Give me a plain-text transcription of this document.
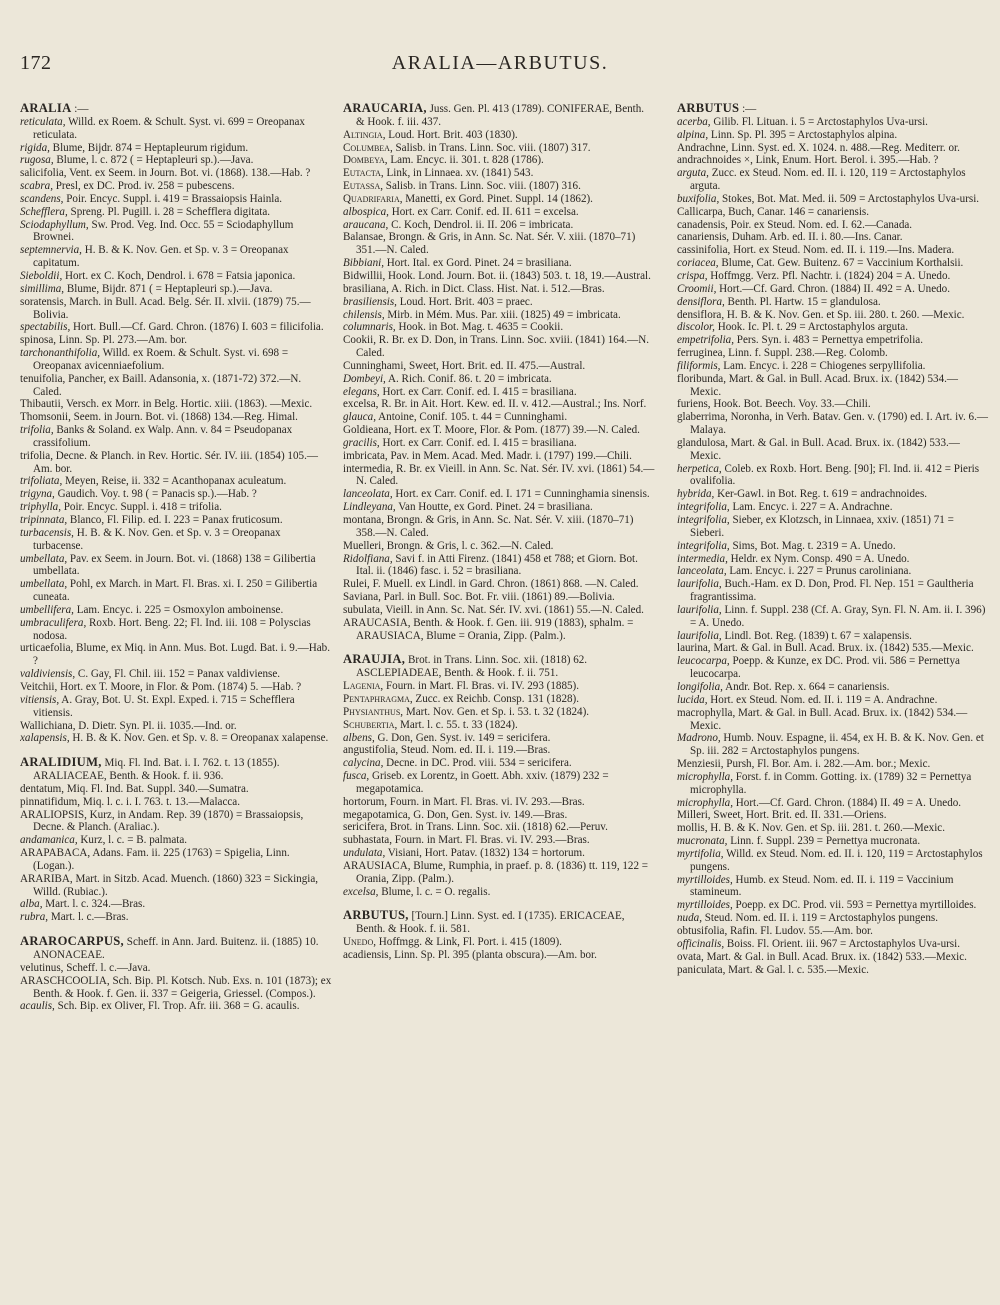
172	ARALIA—ARBUTUS.

ARALIA :—

reticulata, Willd. ex Roem. & Schult. Syst. vi. 699 = Oreopanax reticulata.

rigida, Blume, Bijdr. 874 = Heptapleurum rigidum.

rugosa, Blume, l. c. 872 ( = Heptapleuri sp.).—Java.

salicifolia, Vent. ex Seem. in Journ. Bot. vi. (1868). 138.—Hab. ?

scabra, Presl, ex DC. Prod. iv. 258 = pubescens.

scandens, Poir. Encyc. Suppl. i. 419 = Brassaiopsis Hainla.

Schefflera, Spreng. Pl. Pugill. i. 28 = Schefflera digitata.

Sciodaphyllum, Sw. Prod. Veg. Ind. Occ. 55 = Sciodaphyllum Brownei.

septemnervia, H. B. & K. Nov. Gen. et Sp. v. 3 = Oreopanax capitatum.

Sieboldii, Hort. ex C. Koch, Dendrol. i. 678 = Fatsia japonica.

simillima, Blume, Bijdr. 871 ( = Heptapleuri sp.).—Java.

soratensis, March. in Bull. Acad. Belg. Sér. II. xlvii. (1879) 75.—Bolivia.

spectabilis, Hort. Bull.—Cf. Gard. Chron. (1876) I. 603 = filicifolia.

spinosa, Linn. Sp. Pl. 273.—Am. bor.

tarchonanthifolia, Willd. ex Roem. & Schult. Syst. vi. 698 = Oreopanax avicenniaefolium.

tenuifolia, Pancher, ex Baill. Adansonia, x. (1871-72) 372.—N. Caled.

Thibautii, Versch. ex Morr. in Belg. Hortic. xiii. (1863). —Mexic.

Thomsonii, Seem. in Journ. Bot. vi. (1868) 134.—Reg. Himal.

trifolia, Banks & Soland. ex Walp. Ann. v. 84 = Pseudopanax crassifolium.

trifolia, Decne. & Planch. in Rev. Hortic. Sér. IV. iii. (1854) 105.—Am. bor.

trifoliata, Meyen, Reise, ii. 332 = Acanthopanax aculeatum.

trigyna, Gaudich. Voy. t. 98 ( = Panacis sp.).—Hab. ?

triphylla, Poir. Encyc. Suppl. i. 418 = trifolia.

tripinnata, Blanco, Fl. Filip. ed. I. 223 = Panax fruticosum.

turbacensis, H. B. & K. Nov. Gen. et Sp. v. 3 = Oreopanax turbacense.

umbellata, Pav. ex Seem. in Journ. Bot. vi. (1868) 138 = Gilibertia umbellata.

umbellata, Pohl, ex March. in Mart. Fl. Bras. xi. I. 250 = Gilibertia cuneata.

umbellifera, Lam. Encyc. i. 225 = Osmoxylon amboinense.

umbraculifera, Roxb. Hort. Beng. 22; Fl. Ind. iii. 108 = Polyscias nodosa.

urticaefolia, Blume, ex Miq. in Ann. Mus. Bot. Lugd. Bat. i. 9.—Hab. ?

valdiviensis, C. Gay, Fl. Chil. iii. 152 = Panax valdiviense.

Veitchii, Hort. ex T. Moore, in Flor. & Pom. (1874) 5. —Hab. ?

vitiensis, A. Gray, Bot. U. St. Expl. Exped. i. 715 = Schefflera vitiensis.

Wallichiana, D. Dietr. Syn. Pl. ii. 1035.—Ind. or.

xalapensis, H. B. & K. Nov. Gen. et Sp. v. 8. = Oreopanax xalapense.

ARALIDIUM, Miq. Fl. Ind. Bat. i. I. 762. t. 13 (1855). ARALIACEAE, Benth. & Hook. f. ii. 936.

dentatum, Miq. Fl. Ind. Bat. Suppl. 340.—Sumatra.

pinnatifidum, Miq. l. c. i. I. 763. t. 13.—Malacca.

ARALIOPSIS, Kurz, in Andam. Rep. 39 (1870) = Brassaiopsis, Decne. & Planch. (Araliac.).

andamanica, Kurz, l. c. = B. palmata.

ARAPABACA, Adans. Fam. ii. 225 (1763) = Spigelia, Linn. (Logan.).

ARARIBA, Mart. in Sitzb. Acad. Muench. (1860) 323 = Sickingia, Willd. (Rubiac.).

alba, Mart. l. c. 324.—Bras.

rubra, Mart. l. c.—Bras.

ARAROCARPUS, Scheff. in Ann. Jard. Buitenz. ii. (1885) 10. ANONACEAE.

velutinus, Scheff. l. c.—Java.

ARASCHCOOLIA, Sch. Bip. Pl. Kotsch. Nub. Exs. n. 101 (1873); ex Benth. & Hook. f. Gen. ii. 337 = Geigeria, Griessel. (Compos.).

acaulis, Sch. Bip. ex Oliver, Fl. Trop. Afr. iii. 368 = G. acaulis.

ARAUCARIA, Juss. Gen. Pl. 413 (1789). CONIFERAE, Benth. & Hook. f. iii. 437.

Altingia, Loud. Hort. Brit. 403 (1830).

Columbea, Salisb. in Trans. Linn. Soc. viii. (1807) 317.

Dombeya, Lam. Encyc. ii. 301. t. 828 (1786).

Eutacta, Link, in Linnaea. xv. (1841) 543.

Eutassa, Salisb. in Trans. Linn. Soc. viii. (1807) 316.

Quadrifaria, Manetti, ex Gord. Pinet. Suppl. 14 (1862).

albospica, Hort. ex Carr. Conif. ed. II. 611 = excelsa.

araucana, C. Koch, Dendrol. ii. II. 206 = imbricata.

Balansae, Brongn. & Gris, in Ann. Sc. Nat. Sér. V. xiii. (1870–71) 351.—N. Caled.

Bibbiani, Hort. Ital. ex Gord. Pinet. 24 = brasiliana.

Bidwillii, Hook. Lond. Journ. Bot. ii. (1843) 503. t. 18, 19.—Austral.

brasiliana, A. Rich. in Dict. Class. Hist. Nat. i. 512.—Bras.

brasiliensis, Loud. Hort. Brit. 403 = praec.

chilensis, Mirb. in Mém. Mus. Par. xiii. (1825) 49 = imbricata.

columnaris, Hook. in Bot. Mag. t. 4635 = Cookii.

Cookii, R. Br. ex D. Don, in Trans. Linn. Soc. xviii. (1841) 164.—N. Caled.

Cunninghami, Sweet, Hort. Brit. ed. II. 475.—Austral.

Dombeyi, A. Rich. Conif. 86. t. 20 = imbricata.

elegans, Hort. ex Carr. Conif. ed. I. 415 = brasiliana.

excelsa, R. Br. in Ait. Hort. Kew. ed. II. v. 412.—Austral.; Ins. Norf.

glauca, Antoine, Conif. 105. t. 44 = Cunninghami.

Goldieana, Hort. ex T. Moore, Flor. & Pom. (1877) 39.—N. Caled.

gracilis, Hort. ex Carr. Conif. ed. I. 415 = brasiliana.

imbricata, Pav. in Mem. Acad. Med. Madr. i. (1797) 199.—Chili.

intermedia, R. Br. ex Vieill. in Ann. Sc. Nat. Sér. IV. xvi. (1861) 54.—N. Caled.

lanceolata, Hort. ex Carr. Conif. ed. I. 171 = Cunninghamia sinensis.

Lindleyana, Van Houtte, ex Gord. Pinet. 24 = brasiliana.

montana, Brongn. & Gris, in Ann. Sc. Nat. Sér. V. xiii. (1870–71) 358.—N. Caled.

Muelleri, Brongn. & Gris, l. c. 362.—N. Caled.

Ridolfiana, Savi f. in Atti Firenz. (1841) 458 et 788; et Giorn. Bot. Ital. ii. (1846) fasc. i. 52 = brasiliana.

Rulei, F. Muell. ex Lindl. in Gard. Chron. (1861) 868. —N. Caled.

Saviana, Parl. in Bull. Soc. Bot. Fr. viii. (1861) 89.—Bolivia.

subulata, Vieill. in Ann. Sc. Nat. Sér. IV. xvi. (1861) 55.—N. Caled.

ARAUCASIA, Benth. & Hook. f. Gen. iii. 919 (1883), sphalm. = ARAUSIACA, Blume = Orania, Zipp. (Palm.).

ARAUJIA, Brot. in Trans. Linn. Soc. xii. (1818) 62. ASCLEPIADEAE, Benth. & Hook. f. ii. 751.

Lagenia, Fourn. in Mart. Fl. Bras. vi. IV. 293 (1885).

Pentaphragma, Zucc. ex Reichb. Consp. 131 (1828).

Physianthus, Mart. Nov. Gen. et Sp. i. 53. t. 32 (1824).

Schubertia, Mart. l. c. 55. t. 33 (1824).

albens, G. Don, Gen. Syst. iv. 149 = sericifera.

angustifolia, Steud. Nom. ed. II. i. 119.—Bras.

calycina, Decne. in DC. Prod. viii. 534 = sericifera.

fusca, Griseb. ex Lorentz, in Goett. Abh. xxiv. (1879) 232 = megapotamica.

hortorum, Fourn. in Mart. Fl. Bras. vi. IV. 293.—Bras.

megapotamica, G. Don, Gen. Syst. iv. 149.—Bras.

sericifera, Brot. in Trans. Linn. Soc. xii. (1818) 62.—Peruv.

subhastata, Fourn. in Mart. Fl. Bras. vi. IV. 293.—Bras.

undulata, Visiani, Hort. Patav. (1832) 134 = hortorum.

ARAUSIACA, Blume, Rumphia, in praef. p. 8. (1836) tt. 119, 122 = Orania, Zipp. (Palm.).

excelsa, Blume, l. c. = O. regalis.

ARBUTUS, [Tourn.] Linn. Syst. ed. I (1735). ERICACEAE, Benth. & Hook. f. ii. 581.

Unedo, Hoffmgg. & Link, Fl. Port. i. 415 (1809).

acadiensis, Linn. Sp. Pl. 395 (planta obscura).—Am. bor.

ARBUTUS :—

acerba, Gilib. Fl. Lituan. i. 5 = Arctostaphylos Uva-ursi.

alpina, Linn. Sp. Pl. 395 = Arctostaphylos alpina.

Andrachne, Linn. Syst. ed. X. 1024. n. 488.—Reg. Mediterr. or.

andrachnoides ×, Link, Enum. Hort. Berol. i. 395.—Hab. ?

arguta, Zucc. ex Steud. Nom. ed. II. i. 120, 119 = Arctostaphylos arguta.

buxifolia, Stokes, Bot. Mat. Med. ii. 509 = Arctostaphylos Uva-ursi.

Callicarpa, Buch, Canar. 146 = canariensis.

canadensis, Poir. ex Steud. Nom. ed. I. 62.—Canada.

canariensis, Duham. Arb. ed. II. i. 80.—Ins. Canar.

cassinifolia, Hort. ex Steud. Nom. ed. II. i. 119.—Ins. Madera.

coriacea, Blume, Cat. Gew. Buitenz. 67 = Vaccinium Korthalsii.

crispa, Hoffmgg. Verz. Pfl. Nachtr. i. (1824) 204 = A. Unedo.

Croomii, Hort.—Cf. Gard. Chron. (1884) II. 492 = A. Unedo.

densiflora, Benth. Pl. Hartw. 15 = glandulosa.

densiflora, H. B. & K. Nov. Gen. et Sp. iii. 280. t. 260. —Mexic.

discolor, Hook. Ic. Pl. t. 29 = Arctostaphylos arguta.

empetrifolia, Pers. Syn. i. 483 = Pernettya empetrifolia.

ferruginea, Linn. f. Suppl. 238.—Reg. Colomb.

filiformis, Lam. Encyc. i. 228 = Chiogenes serpyllifolia.

floribunda, Mart. & Gal. in Bull. Acad. Brux. ix. (1842) 534.—Mexic.

furiens, Hook. Bot. Beech. Voy. 33.—Chili.

glaberrima, Noronha, in Verh. Batav. Gen. v. (1790) ed. I. Art. iv. 6.—Malaya.

glandulosa, Mart. & Gal. in Bull. Acad. Brux. ix. (1842) 533.—Mexic.

herpetica, Coleb. ex Roxb. Hort. Beng. [90]; Fl. Ind. ii. 412 = Pieris ovalifolia.

hybrida, Ker-Gawl. in Bot. Reg. t. 619 = andrachnoides.

integrifolia, Lam. Encyc. i. 227 = A. Andrachne.

integrifolia, Sieber, ex Klotzsch, in Linnaea, xxiv. (1851) 71 = Sieberi.

integrifolia, Sims, Bot. Mag. t. 2319 = A. Unedo.

intermedia, Heldr. ex Nym. Consp. 490 = A. Unedo.

lanceolata, Lam. Encyc. i. 227 = Prunus caroliniana.

laurifolia, Buch.-Ham. ex D. Don, Prod. Fl. Nep. 151 = Gaultheria fragrantissima.

laurifolia, Linn. f. Suppl. 238 (Cf. A. Gray, Syn. Fl. N. Am. ii. I. 396) = A. Unedo.

laurifolia, Lindl. Bot. Reg. (1839) t. 67 = xalapensis.

laurina, Mart. & Gal. in Bull. Acad. Brux. ix. (1842) 535.—Mexic.

leucocarpa, Poepp. & Kunze, ex DC. Prod. vii. 586 = Pernettya leucocarpa.

longifolia, Andr. Bot. Rep. x. 664 = canariensis.

lucida, Hort. ex Steud. Nom. ed. II. i. 119 = A. Andrachne.

macrophylla, Mart. & Gal. in Bull. Acad. Brux. ix. (1842) 534.—Mexic.

Madrono, Humb. Nouv. Espagne, ii. 454, ex H. B. & K. Nov. Gen. et Sp. iii. 282 = Arctostaphylos pungens.

Menziesii, Pursh, Fl. Bor. Am. i. 282.—Am. bor.; Mexic.

microphylla, Forst. f. in Comm. Gotting. ix. (1789) 32 = Pernettya microphylla.

microphylla, Hort.—Cf. Gard. Chron. (1884) II. 49 = A. Unedo.

Milleri, Sweet, Hort. Brit. ed. II. 331.—Oriens.

mollis, H. B. & K. Nov. Gen. et Sp. iii. 281. t. 260.—Mexic.

mucronata, Linn. f. Suppl. 239 = Pernettya mucronata.

myrtifolia, Willd. ex Steud. Nom. ed. II. i. 120, 119 = Arctostaphylos pungens.

myrtilloides, Humb. ex Steud. Nom. ed. II. i. 119 = Vaccinium stamineum.

myrtilloides, Poepp. ex DC. Prod. vii. 593 = Pernettya myrtilloides.

nuda, Steud. Nom. ed. II. i. 119 = Arctostaphylos pungens.

obtusifolia, Rafin. Fl. Ludov. 55.—Am. bor.

officinalis, Boiss. Fl. Orient. iii. 967 = Arctostaphylos Uva-ursi.

ovata, Mart. & Gal. in Bull. Acad. Brux. ix. (1842) 533.—Mexic.

paniculata, Mart. & Gal. l. c. 535.—Mexic.
